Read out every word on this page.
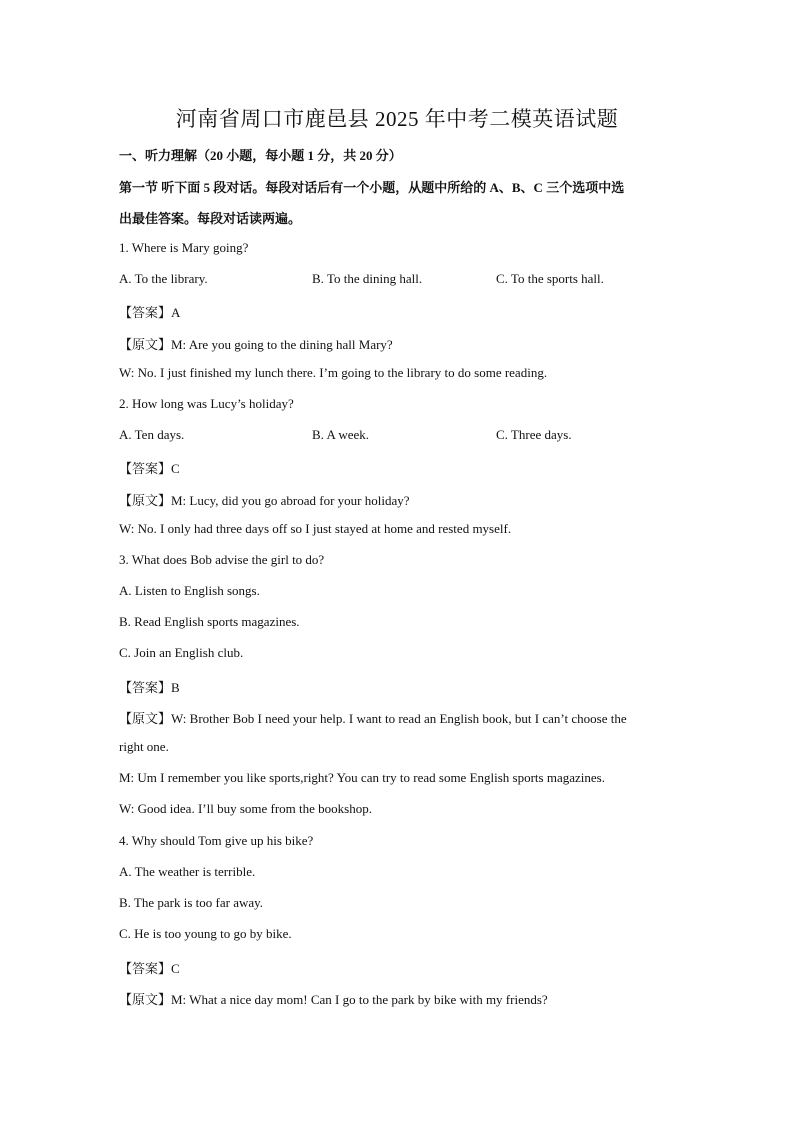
河南省周口市鹿邑县 2025 年中考二模英语试题
一、听力理解（20 小题，每小题 1 分，共 20 分）
第一节 听下面 5 段对话。每段对话后有一个小题，从题中所给的 A、B、C 三个选项中选
出最佳答案。每段对话读两遍。
1. Where is Mary going?
A. To the library.	B. To the dining hall.	C. To the sports hall.
【答案】A
【原文】M: Are you going to the dining hall Mary?
W: No. I just finished my lunch there. I’m going to the library to do some reading.
2. How long was Lucy’s holiday?
A. Ten days.	B. A week.	C. Three days.
【答案】C
【原文】M: Lucy, did you go abroad for your holiday?
W: No. I only had three days off so I just stayed at home and rested myself.
3. What does Bob advise the girl to do?
A. Listen to English songs.
B. Read English sports magazines.
C. Join an English club.
【答案】B
【原文】W: Brother Bob I need your help. I want to read an English book, but I can’t choose the
right one.
M: Um I remember you like sports,right? You can try to read some English sports magazines.
W: Good idea. I’ll buy some from the bookshop.
4. Why should Tom give up his bike?
A. The weather is terrible.
B. The park is too far away.
C. He is too young to go by bike.
【答案】C
【原文】M: What a nice day mom! Can I go to the park by bike with my friends?
